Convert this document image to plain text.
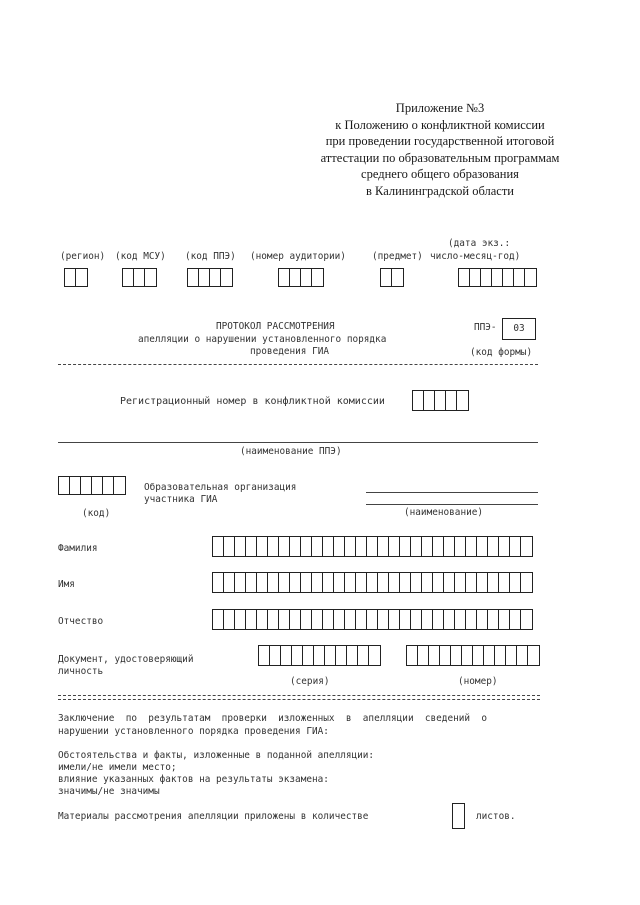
Приложение №3
к Положению о конфликтной комиссии
при проведении государственной итоговой
аттестации по образовательным программам
среднего общего образования
в Калининградской области
(дата экз.:
(регион) (код МСУ) (код ППЭ) (номер аудитории)	(предмет) число-месяц-год)
ПРОТОКОЛ РАССМОТРЕНИЯ
апелляции о нарушении установленного порядка
проведения ГИА
ППЭ-	03
(код формы)
Регистрационный номер в конфликтной комиссии
(наименование ППЭ)
(код)
Образовательная организация
участника ГИА
(наименование)
Фамилия
Имя
Отчество
Документ, удостоверяющий
личность
(серия)	(номер)
Заключение  по  результатам  проверки  изложенных  в  апелляции  сведений  о
нарушении установленного порядка проведения ГИА:
Обстоятельства и факты, изложенные в поданной апелляции:
имели/не имели место;
влияние указанных фактов на результаты экзамена:
значимы/не значимы
Материалы рассмотрения апелляции приложены в количестве	листов.
